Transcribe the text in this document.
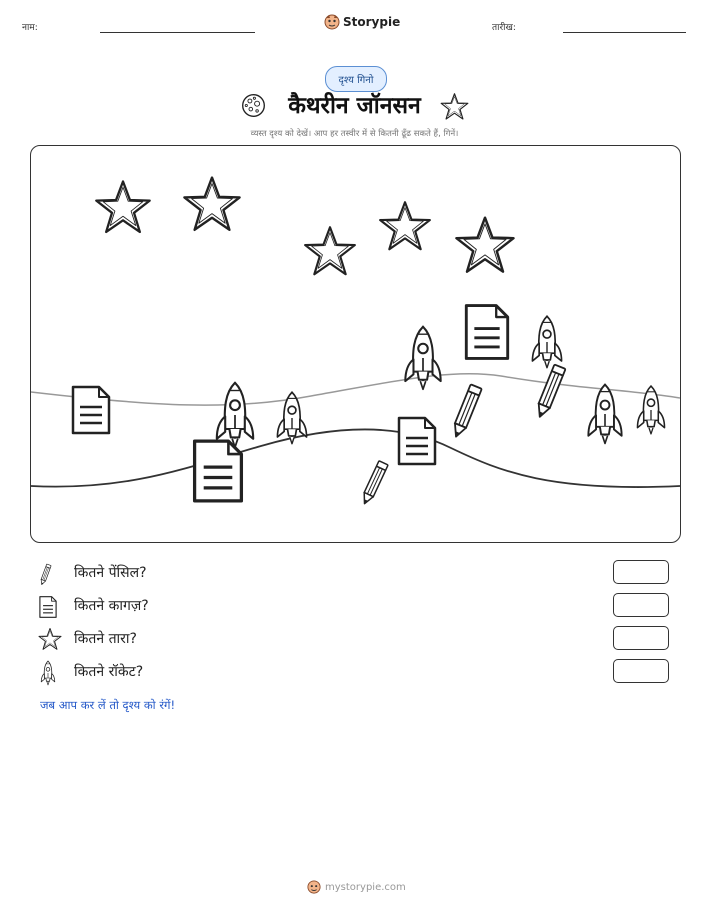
नाम:	Storypie	तारीख:
दृश्य गिनो
कैथरीन जॉनसन
व्यस्त दृश्य को देखें। आप हर तस्वीर में से कितनी ढूँढ सकते हैं, गिनें।
कितने पेंसिल?
कितने कागज़?
कितने तारा?
कितने रॉकेट?
जब आप कर लें तो दृश्य को रंगें!
mystorypie.com
